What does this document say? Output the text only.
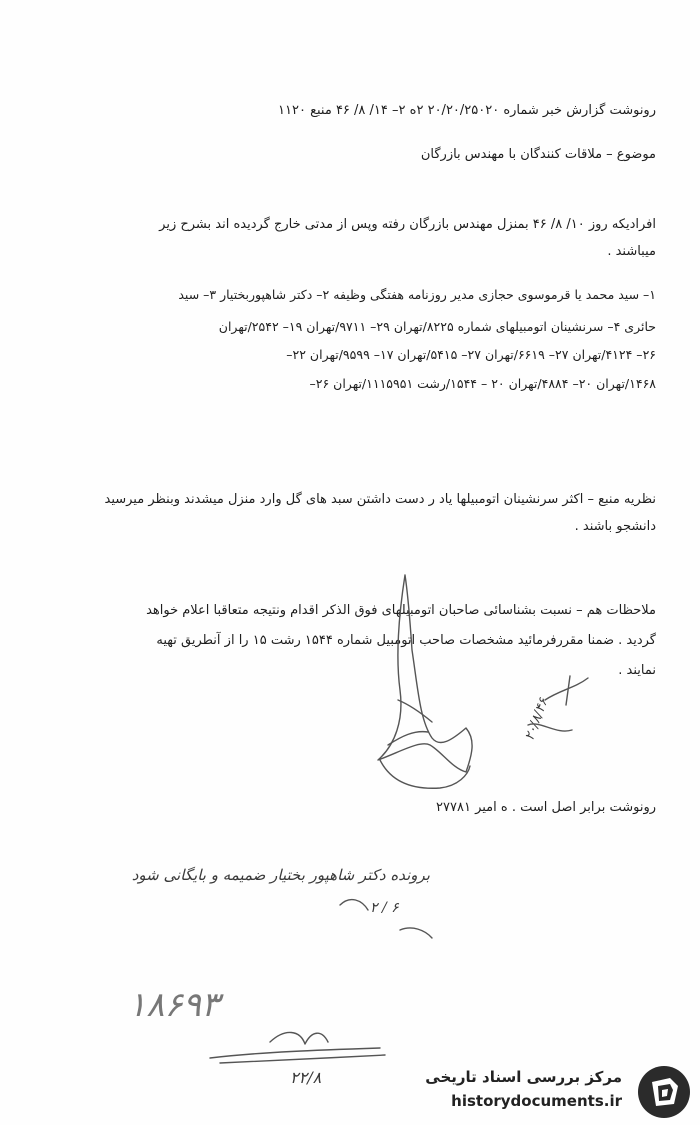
رونوشت گزارش خبر شماره ۲۰/۲۰/۲۵۰۲۰ ۲ه ۲– ۱۴/ ۸/ ۴۶ منبع ۱۱۲۰
موضوع – ملاقات کنندگان با مهندس بازرگان
افرادیکه روز ۱۰/ ۸/ ۴۶ بمنزل مهندس بازرگان رفته وپس از مدتی خارج گردیده اند بشرح زیر
میباشند .
۱– سید محمد یا قرموسوی حجازی مدیر روزنامه هفتگی وظیفه ۲– دکتر شاهپوربختیار ۳– سید
حائری ۴– سرنشینان اتومبیلهای شماره ۸۲۲۵/تهران ۲۹– ۹۷۱۱/تهران ۱۹– ۲۵۴۲/تهران
۲۶– ۴۱۲۴/تهران ۲۷– ۶۶۱۹/تهران ۲۷– ۵۴۱۵/تهران ۱۷– ۹۵۹۹/تهران ۲۲–
۱۴۶۸/تهران ۲۰– ۴۸۸۴/تهران ۲۰ – ۱۵۴۴/رشت ۱۱۱۵۹۵۱/تهران ۲۶–
نظریه منبع – اکثر سرنشینان اتومبیلها یاد ر دست داشتن سبد های گل وارد منزل میشدند وبنظر میرسید
دانشجو باشند .
ملاحظات هم – نسبت بشناسائی صاحبان اتومبیلهای فوق الذکر اقدام ونتیجه متعاقبا اعلام خواهد
گردید . ضمنا مقررفرمائید مشخصات صاحب اتومبیل شماره ۱۵۴۴ رشت ۱۵ را از آنطریق تهیه
نمایند .
رونوشت برابر اصل است . ه امیر ۲۷۷۸۱
برونده دکتر شاهپور بختیار ضمیمه و بایگانی شود
۶ / ۲
۱۸۶۹۳
۲۰/۸/۴۶
۲۲/۸	مرکز بررسی اسناد تاریخی
historydocuments.ir
